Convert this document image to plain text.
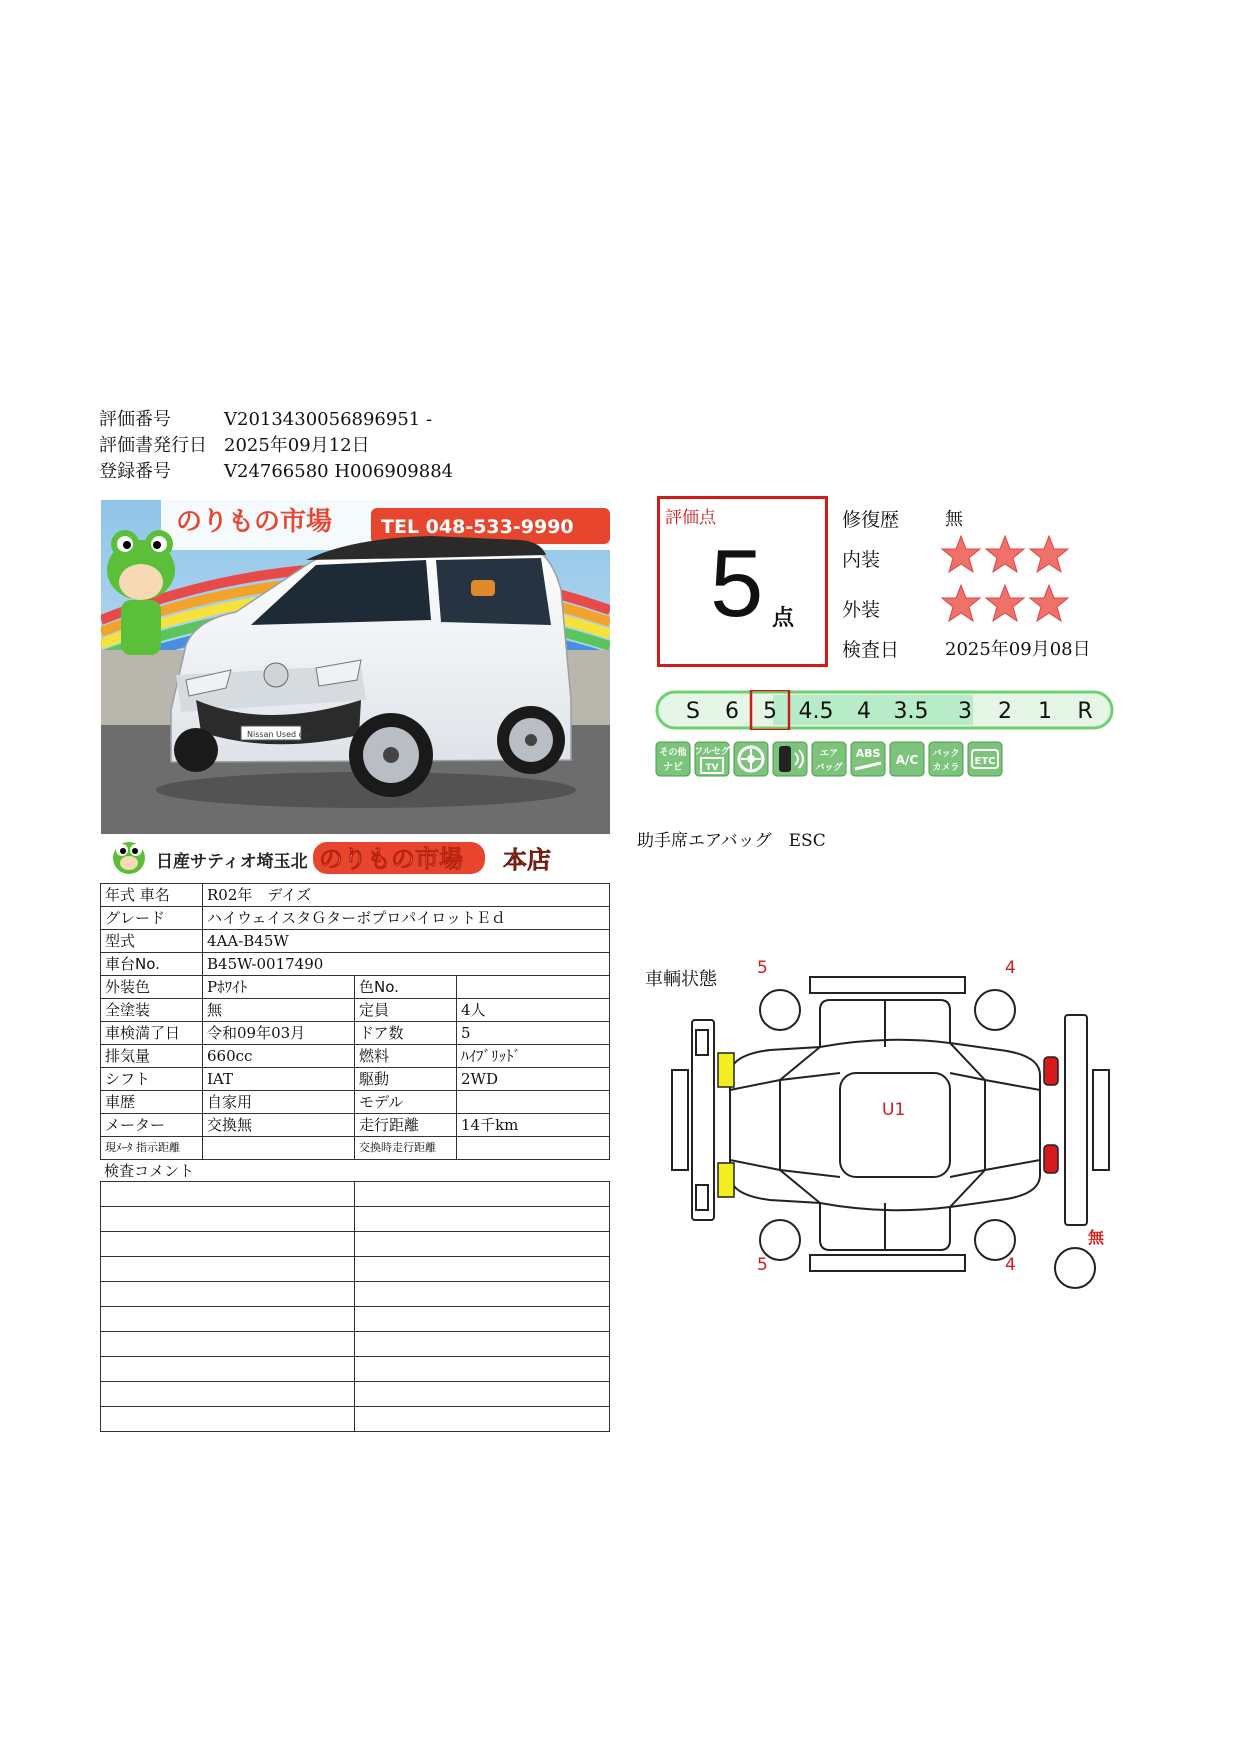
評価番号	V2013430056896951 -
評価書発行日 2025年09月12日
登録番号	V24766580 H006909884
のりもの市場	TEL 048-533-9990
Nissan Used car
日産サティオ埼玉北 のりもの市場 本店
年式 車名	R02年　デイズ		
グレード	ハイウェイスタＧターボプロパイロットＥｄ		
型式	4AA-B45W		
車台No.	B45W-0017490		
外装色	Pﾎﾜｲﾄ	色No.	
全塗装	無	定員	4人
車検満了日	令和09年03月	ドア数	5
排気量	660cc	燃料	ﾊｲﾌﾞﾘｯﾄﾞ
シフト	IAT	駆動	2WD
車歴	自家用	モデル	
メーター	交換無	走行距離	14千km
現ﾒｰﾀ 指示距離		交換時走行距離	
検査コメント

評価点
5 点
修復歴	無
内装
外装
検査日	2025年09月08日
S 6 5 4.5 4 3.5 3 2 1 R
その他
ナビ
フルセグ
TV
エア
バッグ
ABS A/C バック
カメラ
ETC
助手席エアバッグ　 ESC
車輌状態
5	4
5	4
U1
無
